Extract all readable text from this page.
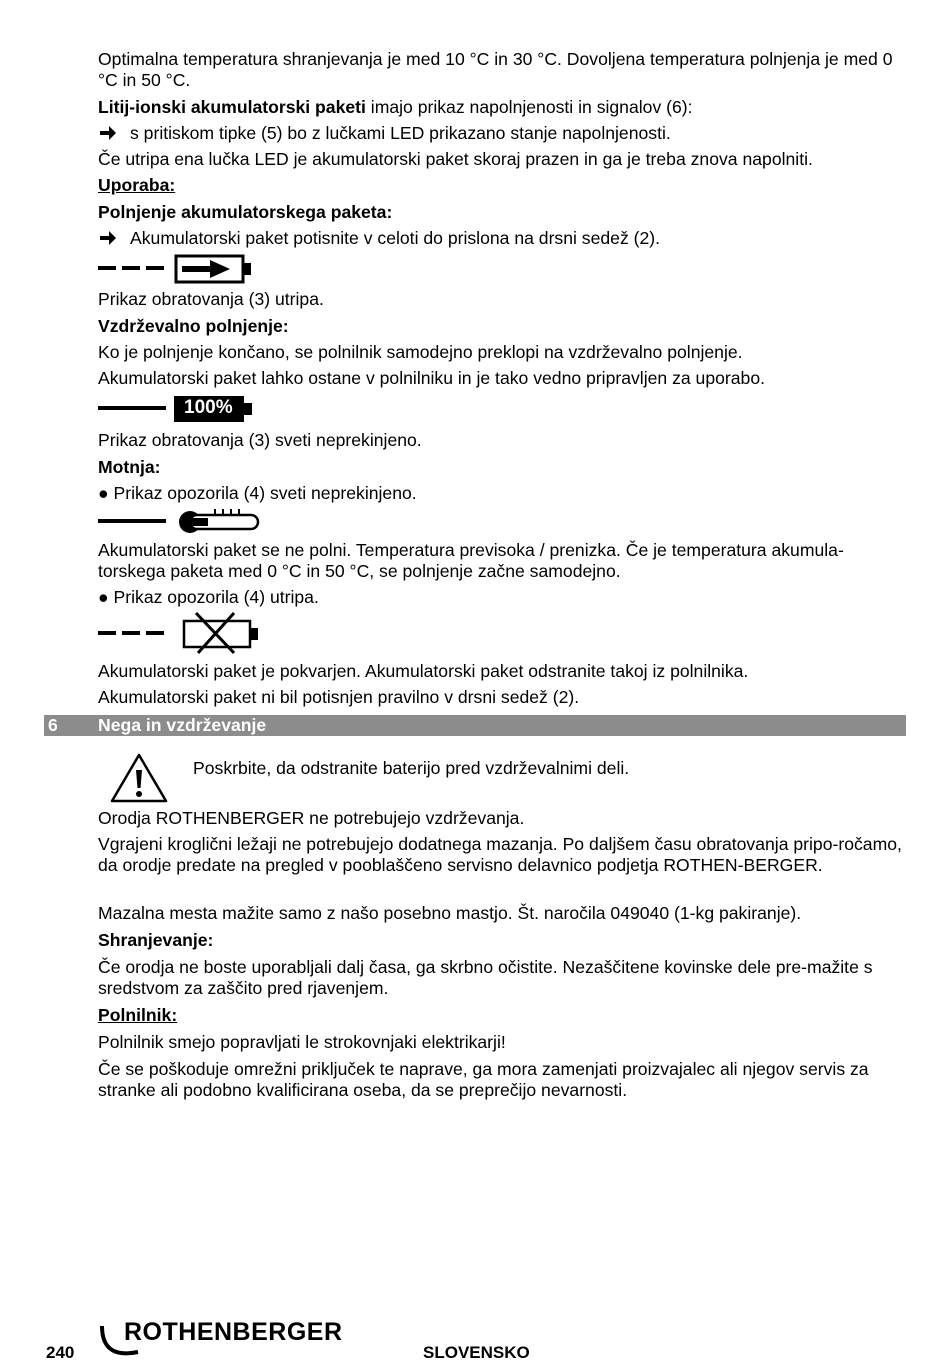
Optimalna temperatura shranjevanja je med 10 °C in 30 °C. Dovoljena temperatura polnjenja je med 0 °C in 50 °C.

Litij-ionski akumulatorski paketi imajo prikaz napolnjenosti in signalov (6):

s pritiskom tipke (5) bo z lučkami LED prikazano stanje napolnjenosti.

Če utripa ena lučka LED je akumulatorski paket skoraj prazen in ga je treba znova napolniti.

Uporaba:

Polnjenje akumulatorskega paketa:

Akumulatorski paket potisnite v celoti do prislona na drsni sedež (2).

Prikaz obratovanja (3) utripa.

Vzdrževalno polnjenje:

Ko je polnjenje končano, se polnilnik samodejno preklopi na vzdrževalno polnjenje.

Akumulatorski paket lahko ostane v polnilniku in je tako vedno pripravljen za uporabo.

100%

Prikaz obratovanja (3) sveti neprekinjeno.

Motnja:

● Prikaz opozorila (4) sveti neprekinjeno.

Akumulatorski paket se ne polni. Temperatura previsoka / prenizka. Če je temperatura akumula-torskega paketa med 0 °C in 50 °C, se polnjenje začne samodejno.

● Prikaz opozorila (4) utripa.

Akumulatorski paket je pokvarjen. Akumulatorski paket odstranite takoj iz polnilnika.

Akumulatorski paket ni bil potisnjen pravilno v drsni sedež (2).

6 Nega in vzdrževanje

Poskrbite, da odstranite baterijo pred vzdrževalnimi deli.

Orodja ROTHENBERGER ne potrebujejo vzdrževanja.

Vgrajeni kroglični ležaji ne potrebujejo dodatnega mazanja. Po daljšem času obratovanja pripo-ročamo, da orodje predate na pregled v pooblaščeno servisno delavnico podjetja ROTHEN-BERGER.

Mazalna mesta mažite samo z našo posebno mastjo. Št. naročila 049040 (1-kg pakiranje).

Shranjevanje:

Če orodja ne boste uporabljali dalj časa, ga skrbno očistite. Nezaščitene kovinske dele pre-mažite s sredstvom za zaščito pred rjavenjem.

Polnilnik:

Polnilnik smejo popravljati le strokovnjaki elektrikarji!

Če se poškoduje omrežni priključek te naprave, ga mora zamenjati proizvajalec ali njegov servis za stranke ali podobno kvalificirana oseba, da se preprečijo nevarnosti.

240
ROTHENBERGER
SLOVENSKO
